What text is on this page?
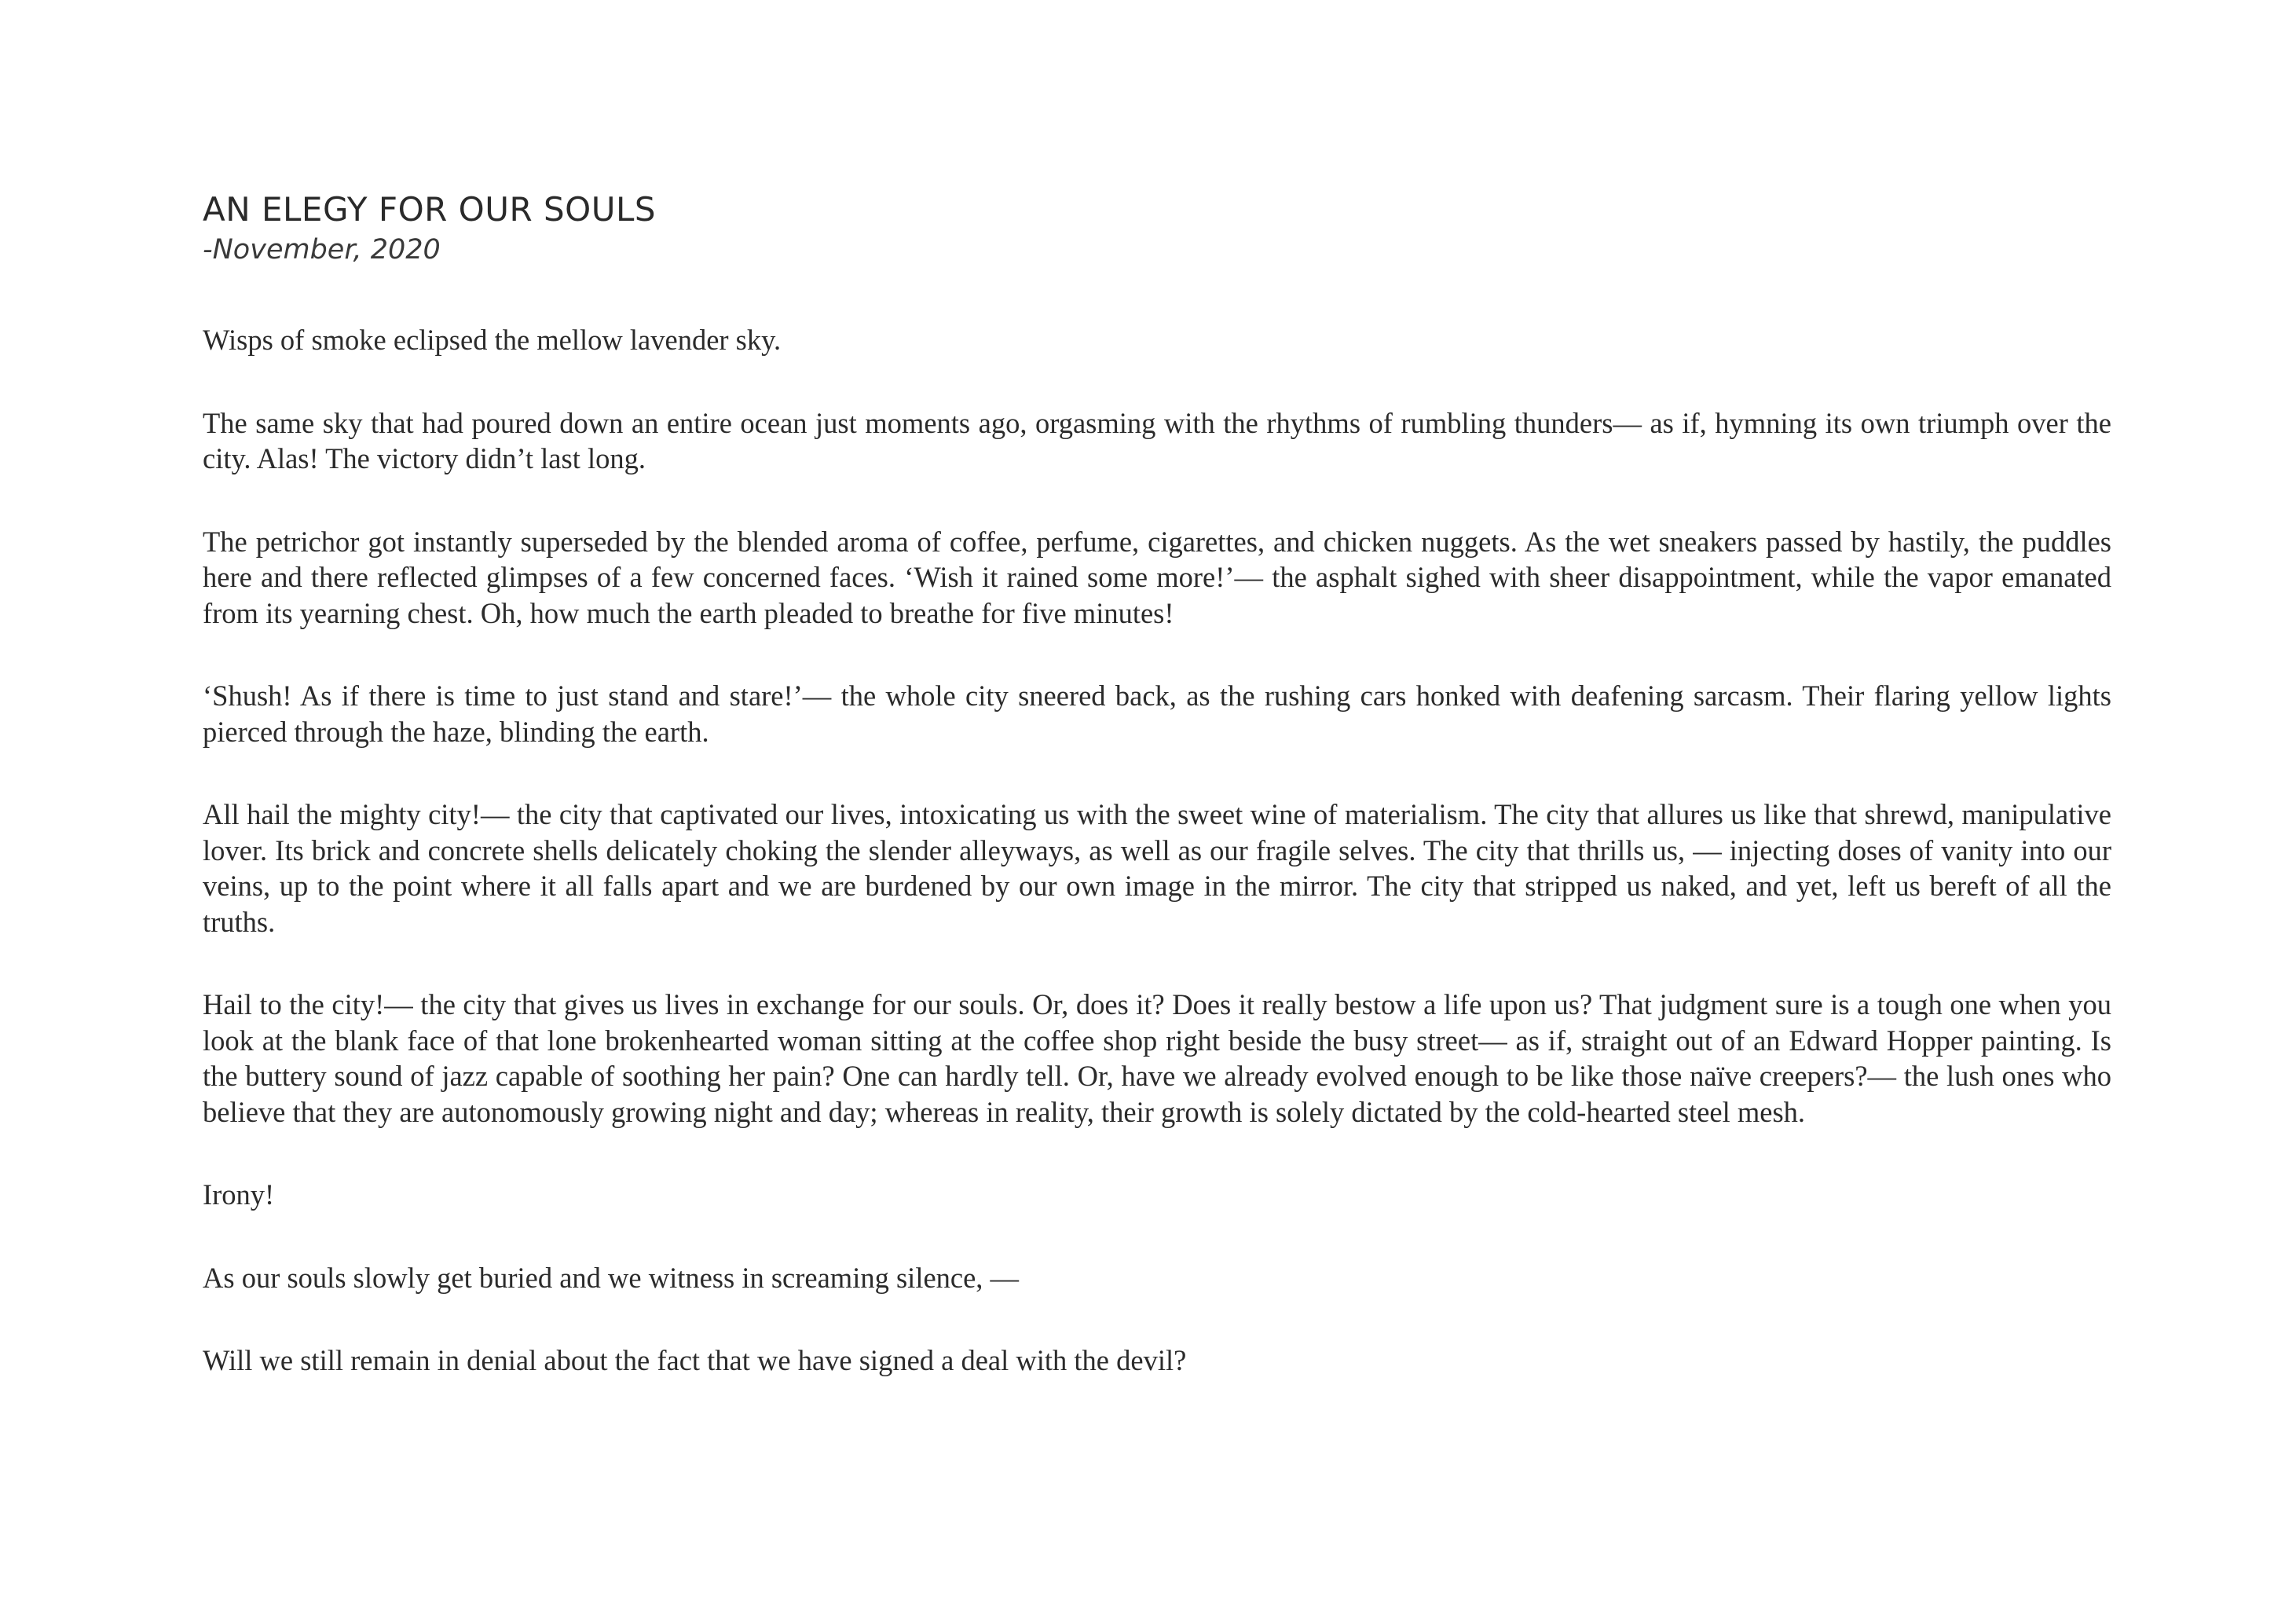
AN ELEGY FOR OUR SOULS
-November, 2020

Wisps of smoke eclipsed the mellow lavender sky.

The same sky that had poured down an entire ocean just moments ago, orgasming with the rhythms of rumbling thunders— as if, hymning its own triumph over the city. Alas! The victory didn’t last long.

The petrichor got instantly superseded by the blended aroma of coffee, perfume, cigarettes, and chicken nuggets. As the wet sneakers passed by hastily, the puddles here and there reflected glimpses of a few concerned faces. ‘Wish it rained some more!’— the asphalt sighed with sheer disappointment, while the vapor emanated from its yearning chest. Oh, how much the earth pleaded to breathe for five minutes!

‘Shush! As if there is time to just stand and stare!’— the whole city sneered back, as the rushing cars honked with deafening sarcasm. Their flaring yellow lights pierced through the haze, blinding the earth.

All hail the mighty city!— the city that captivated our lives, intoxicating us with the sweet wine of materialism. The city that allures us like that shrewd, manipulative lover. Its brick and concrete shells delicately choking the slender alleyways, as well as our fragile selves. The city that thrills us, — injecting doses of vanity into our veins, up to the point where it all falls apart and we are burdened by our own image in the mirror. The city that stripped us naked, and yet, left us bereft of all the truths.

Hail to the city!— the city that gives us lives in exchange for our souls. Or, does it? Does it really bestow a life upon us? That judgment sure is a tough one when you look at the blank face of that lone brokenhearted woman sitting at the coffee shop right beside the busy street— as if, straight out of an Edward Hopper painting. Is the buttery sound of jazz capable of soothing her pain? One can hardly tell. Or, have we already evolved enough to be like those naïve creepers?— the lush ones who believe that they are autonomously growing night and day; whereas in reality, their growth is solely dictated by the cold-hearted steel mesh.

Irony!

As our souls slowly get buried and we witness in screaming silence, —

Will we still remain in denial about the fact that we have signed a deal with the devil?
